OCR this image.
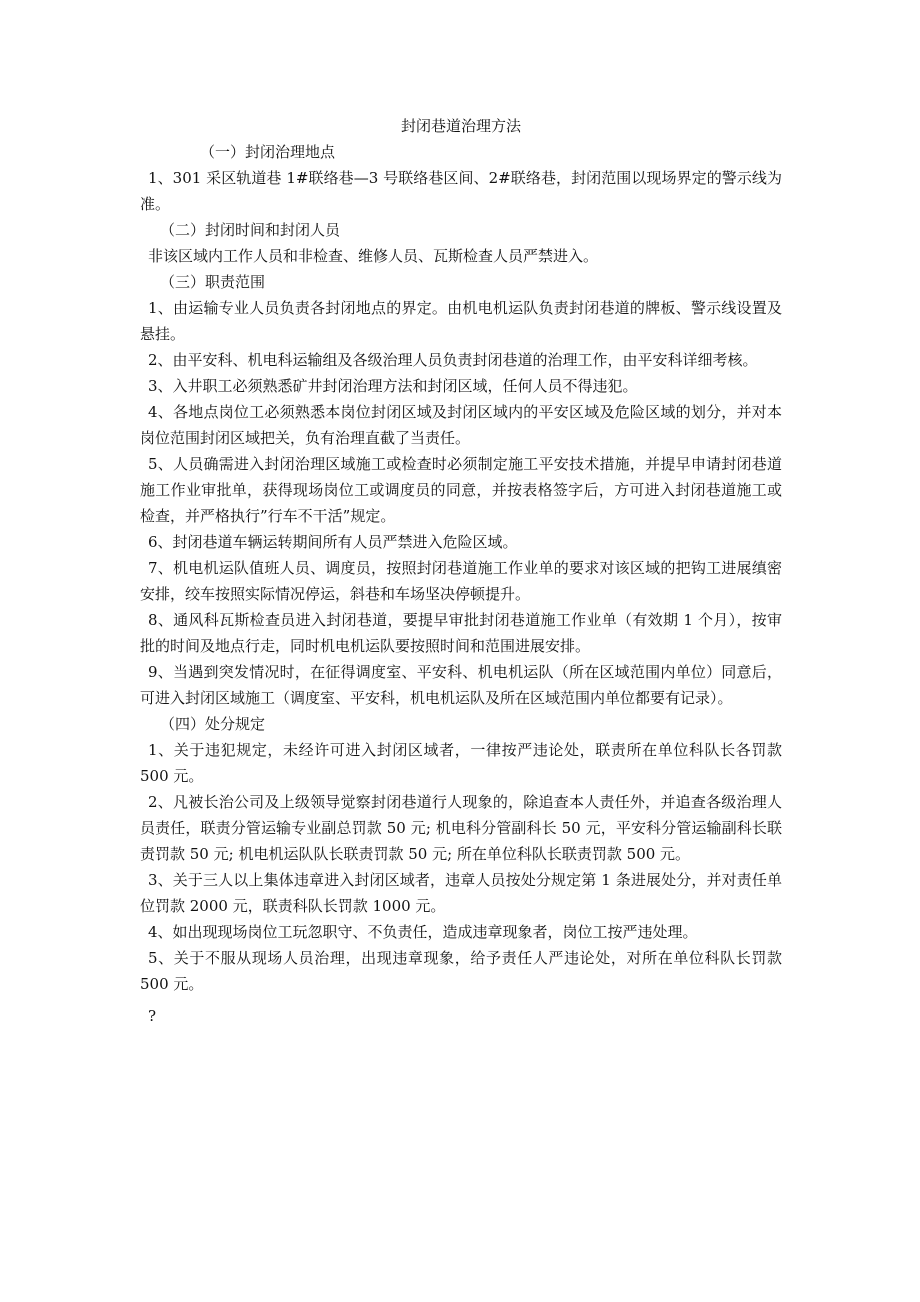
封闭巷道治理方法

（一）封闭治理地点

1、301 采区轨道巷 1#联络巷—3 号联络巷区间、2#联络巷，封闭范围以现场界定的警示线为准。

（二）封闭时间和封闭人员

非该区域内工作人员和非检查、维修人员、瓦斯检查人员严禁进入。

（三）职责范围

1、由运输专业人员负责各封闭地点的界定。由机电机运队负责封闭巷道的牌板、警示线设置及悬挂。

2、由平安科、机电科运输组及各级治理人员负责封闭巷道的治理工作，由平安科详细考核。

3、入井职工必须熟悉矿井封闭治理方法和封闭区域，任何人员不得违犯。

4、各地点岗位工必须熟悉本岗位封闭区域及封闭区域内的平安区域及危险区域的划分，并对本岗位范围封闭区域把关，负有治理直截了当责任。

5、人员确需进入封闭治理区域施工或检查时必须制定施工平安技术措施，并提早申请封闭巷道施工作业审批单，获得现场岗位工或调度员的同意，并按表格签字后，方可进入封闭巷道施工或检查，并严格执行”行车不干活”规定。

6、封闭巷道车辆运转期间所有人员严禁进入危险区域。

7、机电机运队值班人员、调度员，按照封闭巷道施工作业单的要求对该区域的把钩工进展缜密安排，绞车按照实际情况停运，斜巷和车场坚决停顿提升。

8、通风科瓦斯检查员进入封闭巷道，要提早审批封闭巷道施工作业单（有效期 1 个月），按审批的时间及地点行走，同时机电机运队要按照时间和范围进展安排。

9、当遇到突发情况时，在征得调度室、平安科、机电机运队（所在区域范围内单位）同意后，可进入封闭区域施工（调度室、平安科，机电机运队及所在区域范围内单位都要有记录）。

（四）处分规定

1、关于违犯规定，未经许可进入封闭区域者，一律按严违论处，联责所在单位科队长各罚款 500 元。

2、凡被长治公司及上级领导觉察封闭巷道行人现象的，除追查本人责任外，并追查各级治理人员责任，联责分管运输专业副总罚款 50 元; 机电科分管副科长 50 元，平安科分管运输副科长联责罚款 50 元; 机电机运队队长联责罚款 50 元; 所在单位科队长联责罚款 500 元。

3、关于三人以上集体违章进入封闭区域者，违章人员按处分规定第 1 条进展处分，并对责任单位罚款 2000 元，联责科队长罚款 1000 元。

4、如出现现场岗位工玩忽职守、不负责任，造成违章现象者，岗位工按严违处理。

5、关于不服从现场人员治理，出现违章现象，给予责任人严违论处，对所在单位科队长罚款 500 元。

?
